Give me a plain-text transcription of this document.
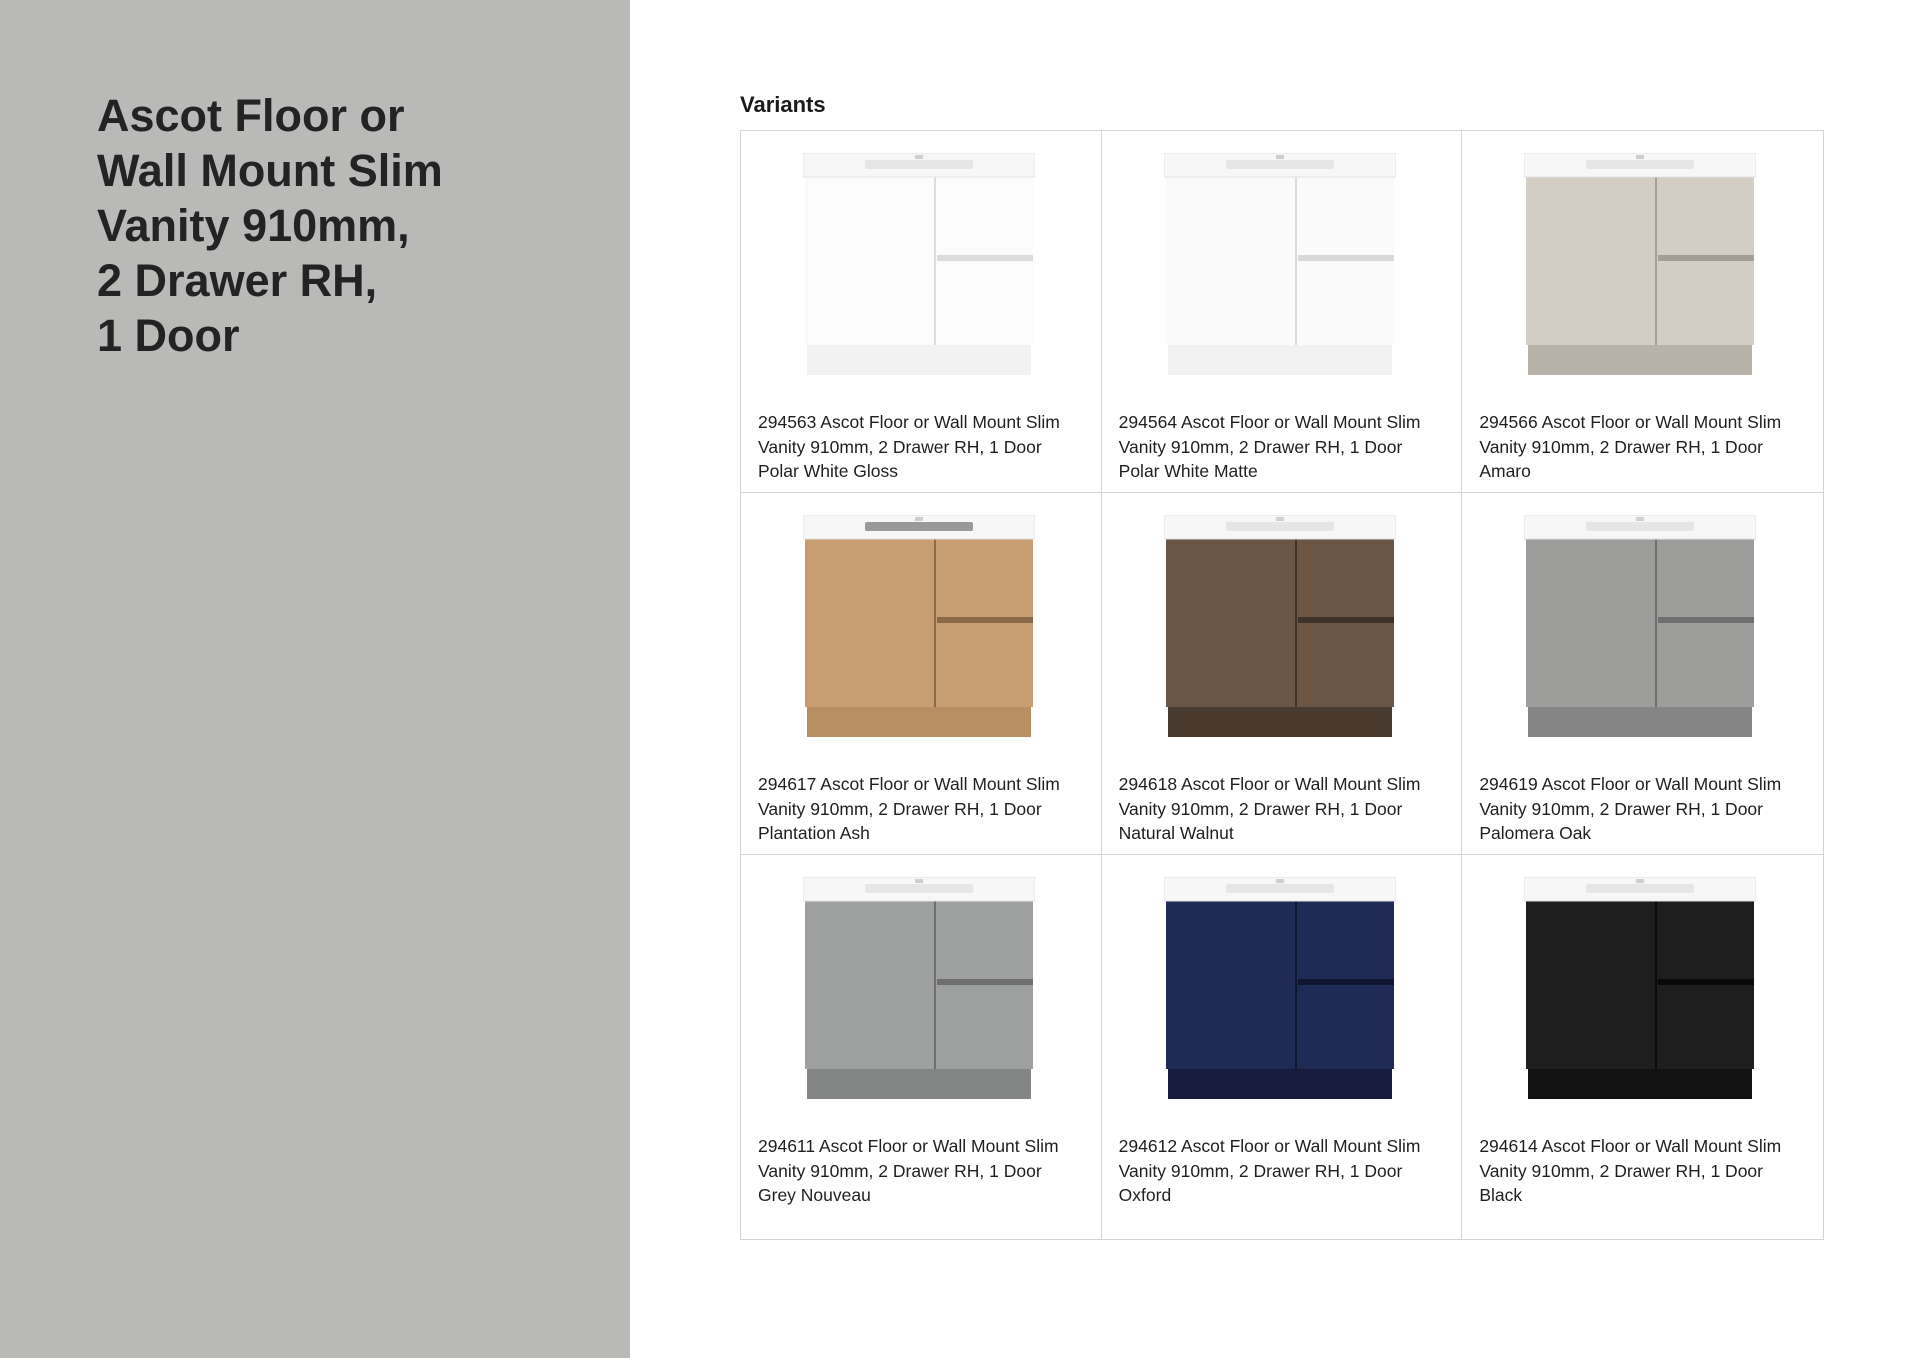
Ascot Floor or
Wall Mount Slim
Vanity 910mm,
2 Drawer RH,
1 Door
Variants
294563 Ascot Floor or Wall Mount Slim
Vanity 910mm, 2 Drawer RH, 1 Door
Polar White Gloss
294564 Ascot Floor or Wall Mount Slim
Vanity 910mm, 2 Drawer RH, 1 Door
Polar White Matte
294566 Ascot Floor or Wall Mount Slim
Vanity 910mm, 2 Drawer RH, 1 Door
Amaro
294617 Ascot Floor or Wall Mount Slim
Vanity 910mm, 2 Drawer RH, 1 Door
Plantation Ash
294618 Ascot Floor or Wall Mount Slim
Vanity 910mm, 2 Drawer RH, 1 Door
Natural Walnut
294619 Ascot Floor or Wall Mount Slim
Vanity 910mm, 2 Drawer RH, 1 Door
Palomera Oak
294611 Ascot Floor or Wall Mount Slim
Vanity 910mm, 2 Drawer RH, 1 Door
Grey Nouveau
294612 Ascot Floor or Wall Mount Slim
Vanity 910mm, 2 Drawer RH, 1 Door
Oxford
294614 Ascot Floor or Wall Mount Slim
Vanity 910mm, 2 Drawer RH, 1 Door
Black
